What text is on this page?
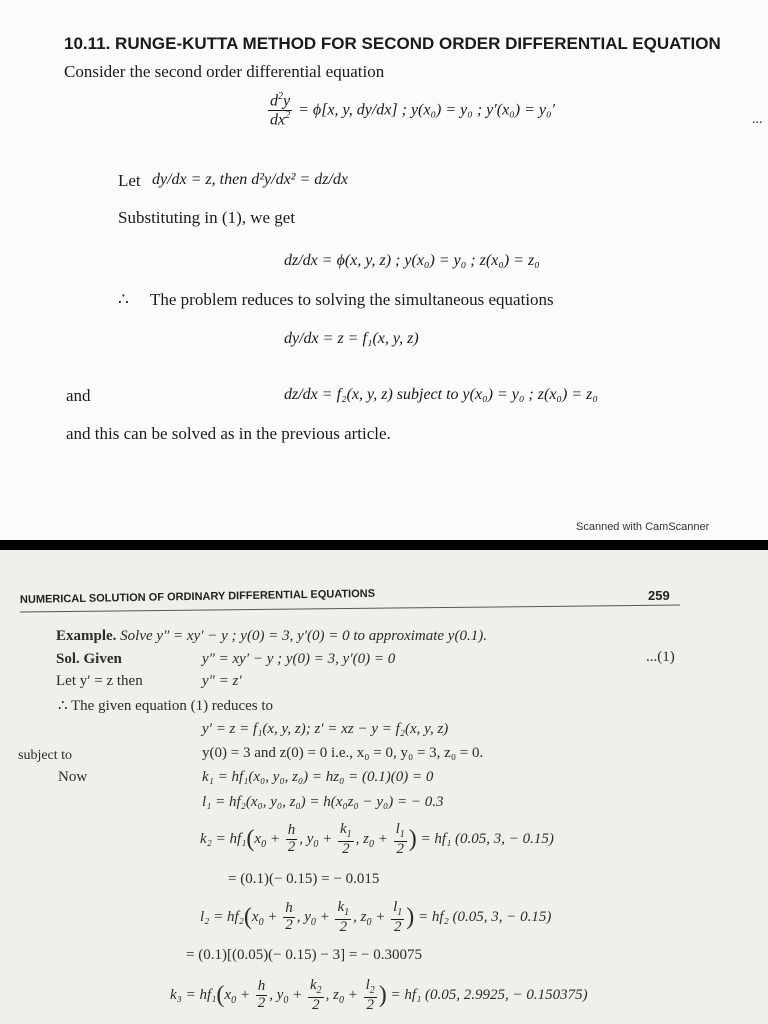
10.11. RUNGE-KUTTA METHOD FOR SECOND ORDER DIFFERENTIAL EQUATION
Consider the second order differential equation
$\frac{d^2y}{dx^2} = \phi[x$, y, dy/dx] ; y(x₀) = y₀ ; y′(x₀) = y₀′
...
Let dy/dx = z, then d²y/dx² = dz/dx
Substituting in (1), we get
dz/dx = ϕ(x, y, z) ; y(x₀) = y₀ ; z(x₀) = z₀
∴ The problem reduces to solving the simultaneous equations
dy/dx = z = f₁(x, y, z)
and	dz/dx = f₂(x, y, z) subject to y(x₀) = y₀ ; z(x₀) = z₀
and this can be solved as in the previous article.
Scanned with CamScanner
NUMERICAL SOLUTION OF ORDINARY DIFFERENTIAL EQUATIONS	259
Example. Solve y″ = xy′ − y ; y(0) = 3, y′(0) = 0 to approximate y(0.1).
Sol. Given	y″ = xy′ − y ; y(0) = 3, y′(0) = 0	...(1)
Let y′ = z then	y″ = z′
∴ The given equation (1) reduces to
y′ = z = f₁(x, y, z); z′ = xz − y = f₂(x, y, z)
subject to	y(0) = 3 and z(0) = 0 i.e., x₀ = 0, y₀ = 3, z₀ = 0.
Now	k₁ = hf₁(x₀, y₀, z₀) = hz₀ = (0.1)(0) = 0
l₁ = hf₂(x₀, y₀, z₀) = h(x₀z₀ − y₀) = − 0.3
$k_2 = hf_1(x_0 + \frac{h}{2}$ , $y_0 + \frac{k_1}{2}$ , $z_0 + \frac{l_1}{2}$ ) = hf₁ (0.05, 3, − 0.15)
= (0.1)(− 0.15) = − 0.015
$l_2 = hf_2(x_0 + \frac{h}{2}$ , $y_0 + \frac{k_1}{2}$ , $z_0 + \frac{l_1}{2}$ ) = hf₂ (0.05, 3, − 0.15)
= (0.1)[(0.05)(− 0.15) − 3] = − 0.30075
$k_3 = hf_1(x_0 + \frac{h}{2}$ , $y_0 + \frac{k_2}{2}$ , $z_0 + \frac{l_2}{2}$ ) = hf₁ (0.05, 2.9925, − 0.150375)
